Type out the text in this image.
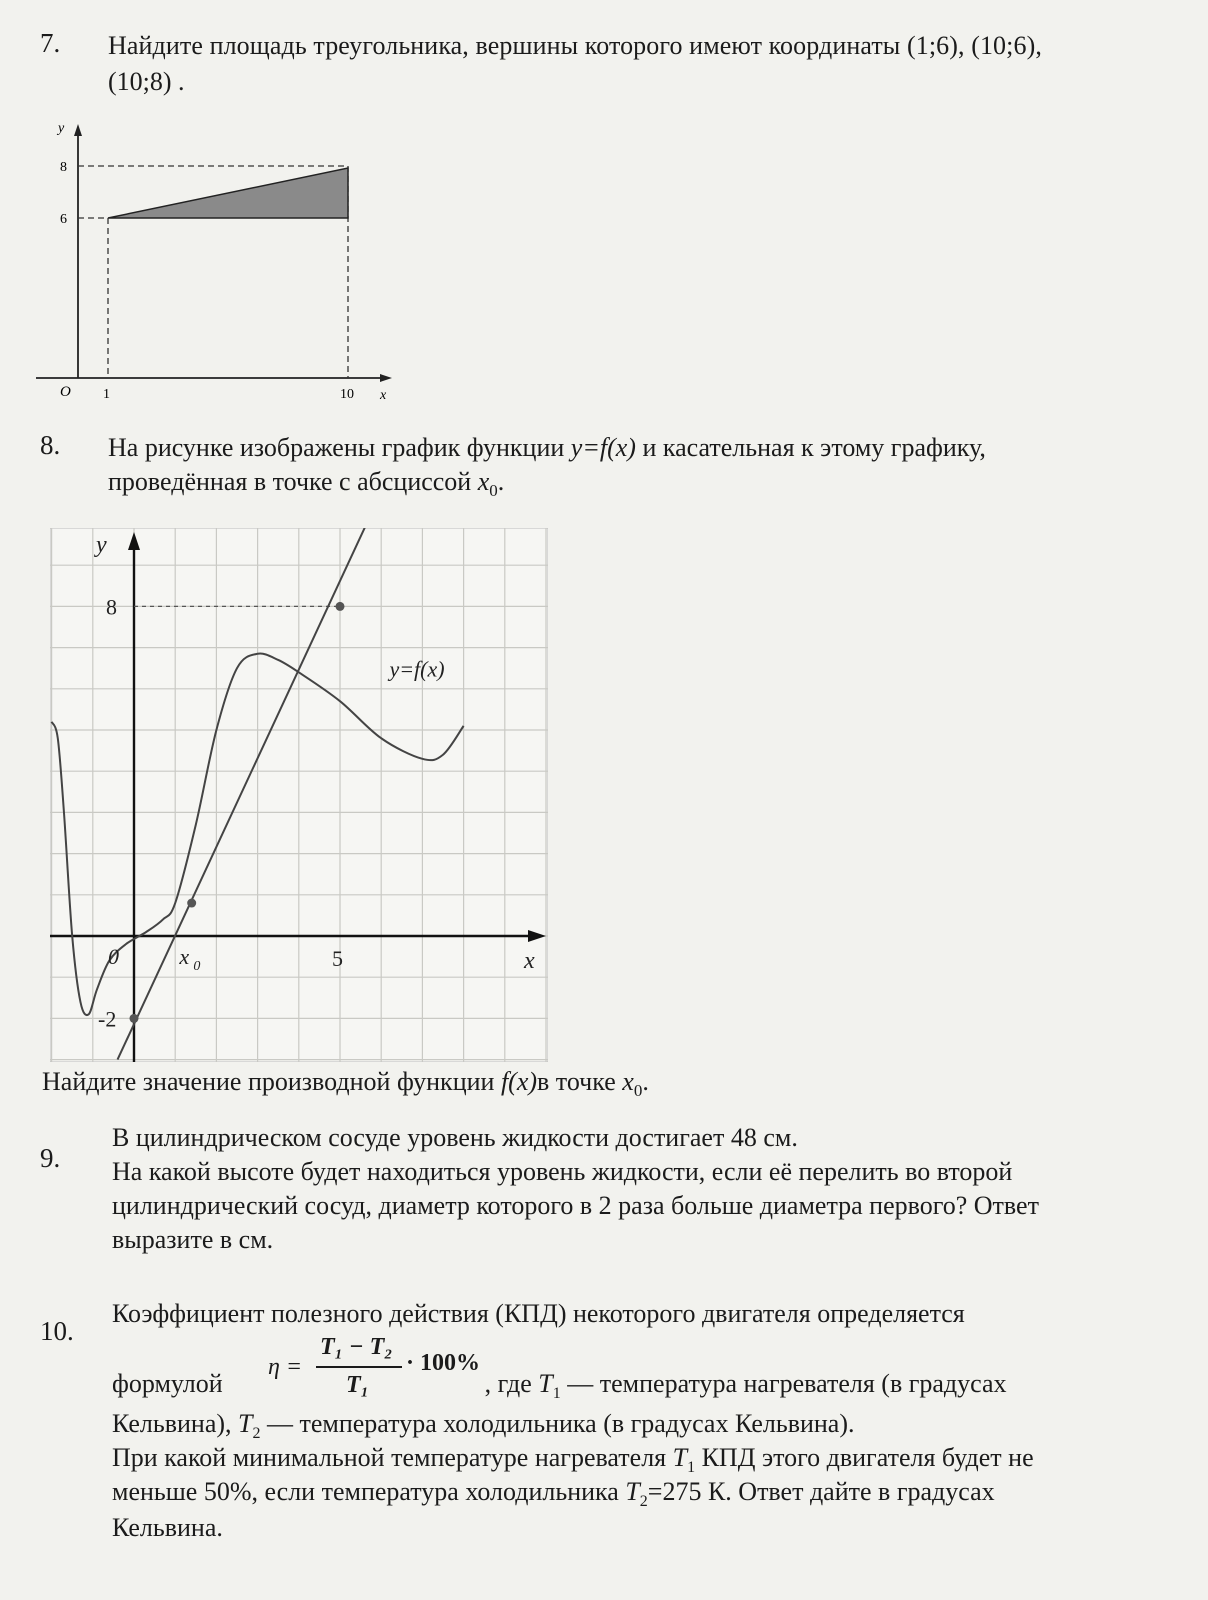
7. Найдите площадь треугольника, вершины которого имеют координаты (1;6), (10;6),
(10;8) .
y
x
O 1	10
8
6
8. На рисунке изображены график функции y=f(x) и касательная к этому графику,
проведённая в точке с абсциссой $x_0$.
y
x
0	5
8
-2
x 0
y=f(x)
Найдите значение производной функции f(x)в точке $x_0$.
9.
В цилиндрическом сосуде уровень жидкости достигает 48 см.
На какой высоте будет находиться уровень жидкости, если её перелить во второй
цилиндрический сосуд, диаметр которого в 2 раза больше диаметра первого? Ответ
выразите в см.
10.
Коэффициент полезного действия (КПД) некоторого двигателя определяется
η =
T₁ − T₂
T₁
· 100%
формулой	, где $T_1$ — температура нагревателя (в градусах
Кельвина), $T_2$ — температура холодильника (в градусах Кельвина).
При какой минимальной температуре нагревателя $T_1$ КПД этого двигателя будет не
меньше 50%, если температура холодильника $T_2=275$ К. Ответ дайте в градусах
Кельвина.
